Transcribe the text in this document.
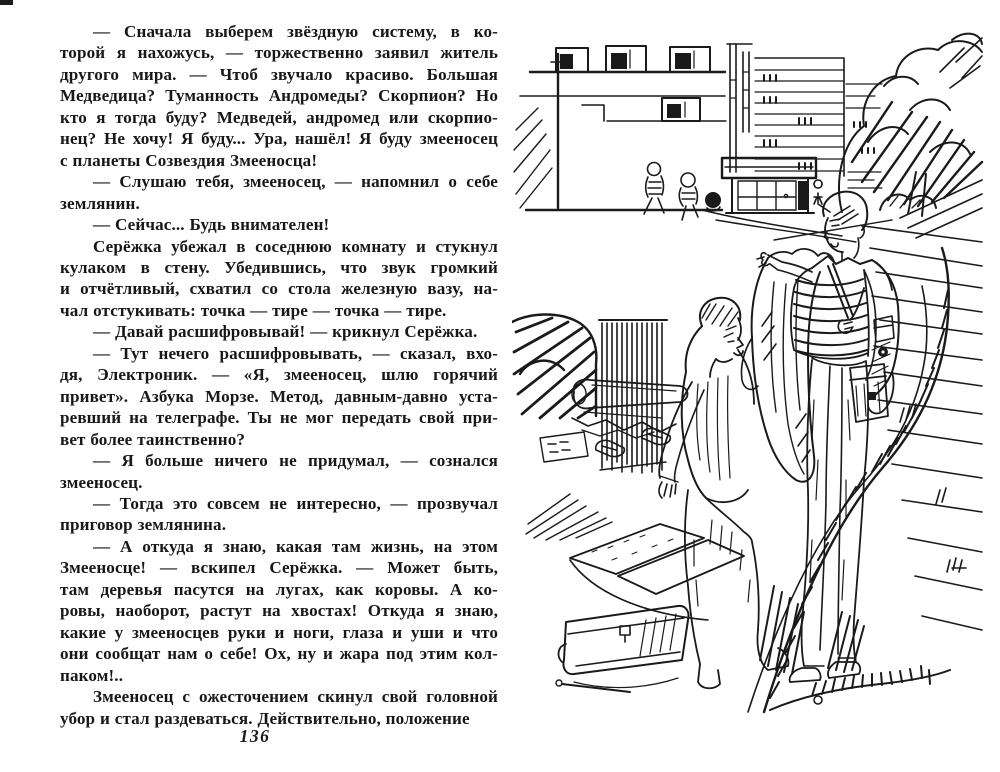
— Сначала выберем звёздную систему, в ко-
торой я нахожусь, — торжественно заявил житель
другого мира. — Чтоб звучало красиво. Большая
Медведица? Туманность Андромеды? Скорпион? Но
кто я тогда буду? Медведей, андромед или скорпио-
нец? Не хочу! Я буду... Ура, нашёл! Я буду змееносец
с планеты Созвездия Змееносца!
— Слушаю тебя, змееносец, — напомнил о себе
землянин.
— Сейчас... Будь внимателен!
Серёжка убежал в соседнюю комнату и стукнул
кулаком в стену. Убедившись, что звук громкий
и отчётливый, схватил со стола железную вазу, на-
чал отстукивать: точка — тире — точка — тире.
— Давай расшифровывай! — крикнул Серёжка.
— Тут нечего расшифровывать, — сказал, вхо-
дя, Электроник. — «Я, змееносец, шлю горячий
привет». Азбука Морзе. Метод, давным-давно уста-
ревший на телеграфе. Ты не мог передать свой при-
вет более таинственно?
— Я больше ничего не придумал, — сознался
змееносец.
— Тогда это совсем не интересно, — прозвучал
приговор землянина.
— А откуда я знаю, какая там жизнь, на этом
Змееносце! — вскипел Серёжка. — Может быть,
там деревья пасутся на лугах, как коровы. А ко-
ровы, наоборот, растут на хвостах! Откуда я знаю,
какие у змееносцев руки и ноги, глаза и уши и что
они сообщат нам о себе! Ох, ну и жара под этим кол-
паком!..
Змееносец с ожесточением скинул свой головной
убор и стал раздеваться. Действительно, положение
136
